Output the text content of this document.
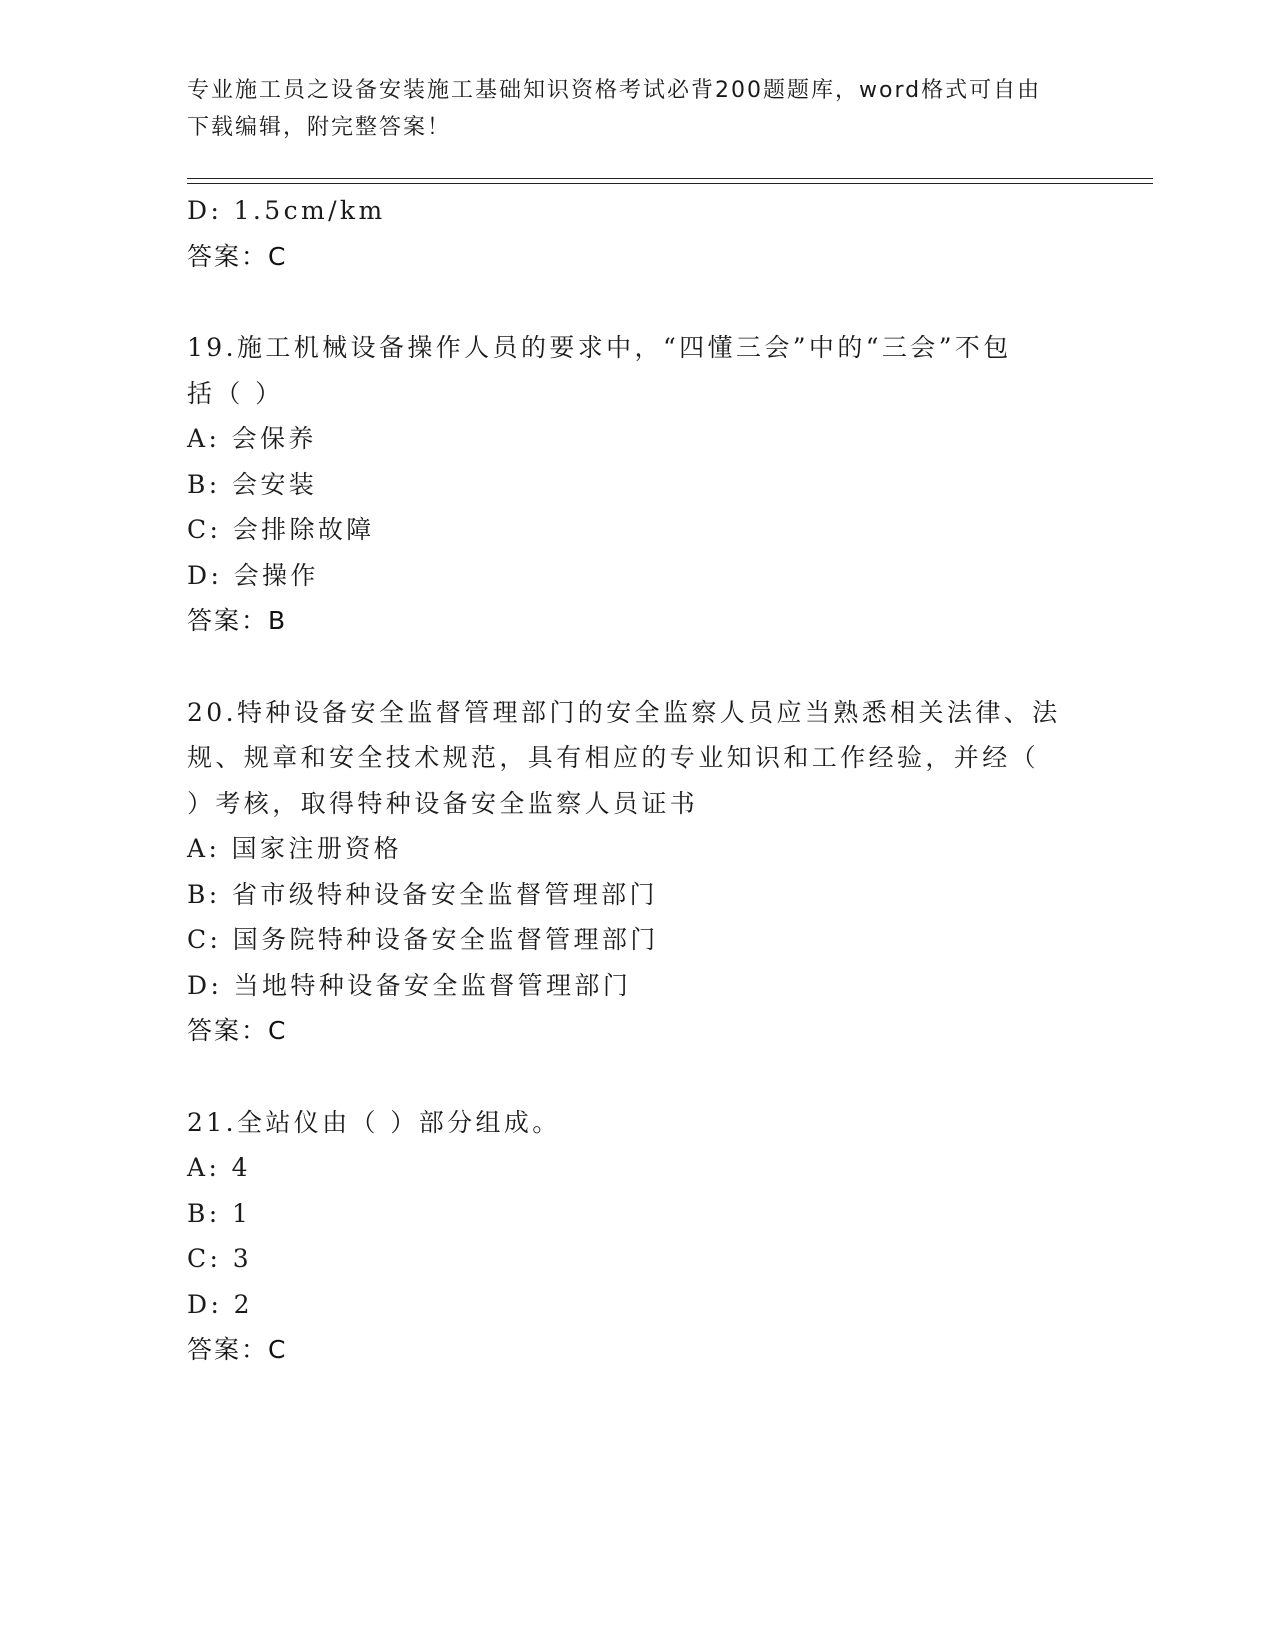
专业施工员之设备安装施工基础知识资格考试必背200题题库，word格式可自由
下载编辑，附完整答案！
D: 1.5cm/km
答案：C
19.施工机械设备操作人员的要求中，“四懂三会”中的“三会”不包
括（ ）
A: 会保养
B: 会安装
C: 会排除故障
D: 会操作
答案：B
20.特种设备安全监督管理部门的安全监察人员应当熟悉相关法律、法
规、规章和安全技术规范，具有相应的专业知识和工作经验，并经（
）考核，取得特种设备安全监察人员证书
A: 国家注册资格
B: 省市级特种设备安全监督管理部门
C: 国务院特种设备安全监督管理部门
D: 当地特种设备安全监督管理部门
答案：C
21.全站仪由（ ）部分组成。
A: 4
B: 1
C: 3
D: 2
答案：C
